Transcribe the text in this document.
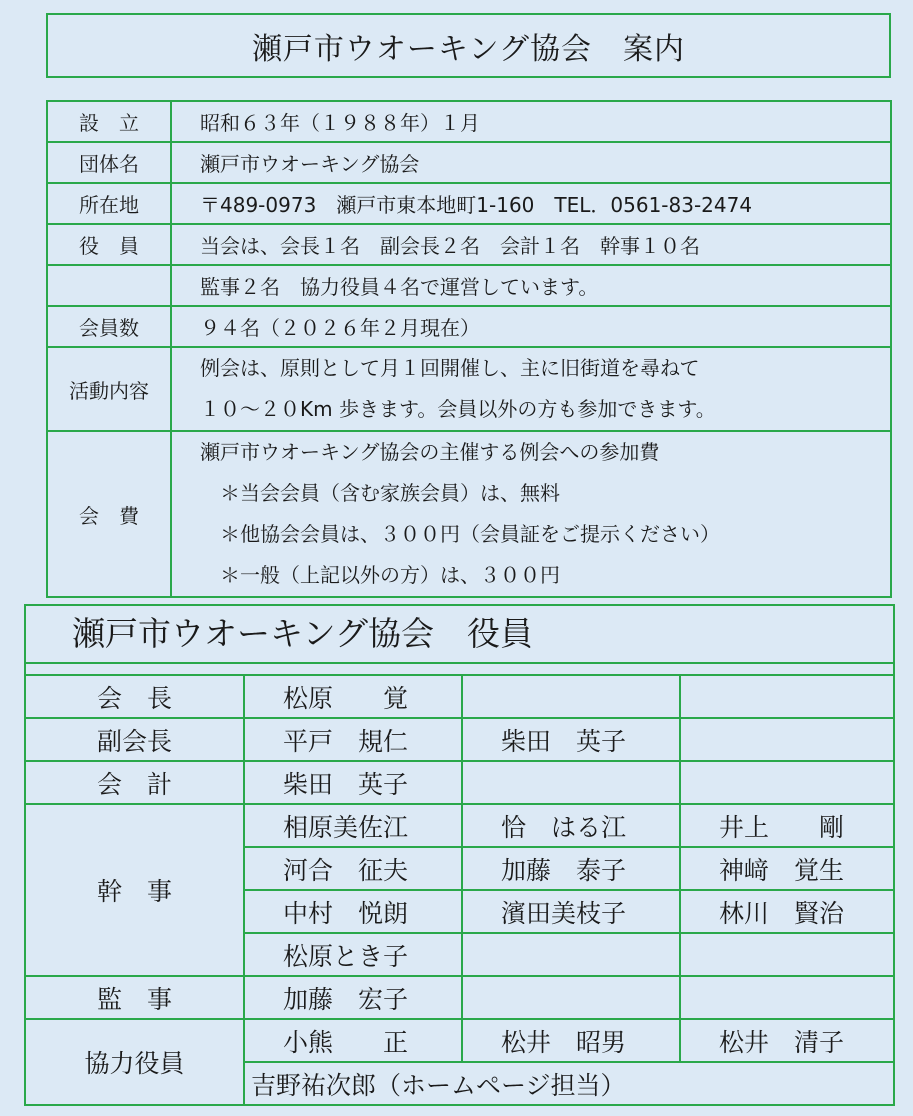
瀬戸市ウオーキング協会　案内
設　立	昭和６３年（１９８８年）１月
団体名	瀬戸市ウオーキング協会
所在地	〒489-0973　瀬戸市東本地町1-160　TEL．0561-83-2474
役　員	当会は、会長１名　副会長２名　会計１名　幹事１０名
	監事２名　協力役員４名で運営しています。
会員数	９４名（２０２６年２月現在）
活動内容	例会は、原則として月１回開催し、主に旧街道を尋ねて
１０～２０Km 歩きます。会員以外の方も参加できます。

会　費	瀬戸市ウオーキング協会の主催する例会への参加費
　＊当会会員（含む家族会員）は、無料
　＊他協会会員は、３００円（会員証をご提示ください）
　＊一般（上記以外の方）は、３００円
瀬戸市ウオーキング協会　役員
会　長	松原　　覚		
副会長	平戸　規仁	柴田　英子	
会　計	柴田　英子		
幹　事	相原美佐江	恰　はる江	井上　　剛
	河合　征夫	加藤　泰子	神﨑　覚生
	中村　悦朗	濱田美枝子	林川　賢治
	松原とき子		
監　事	加藤　宏子		
協力役員	小熊　　正	松井　昭男	松井　清子
	吉野祐次郎（ホームページ担当）		
